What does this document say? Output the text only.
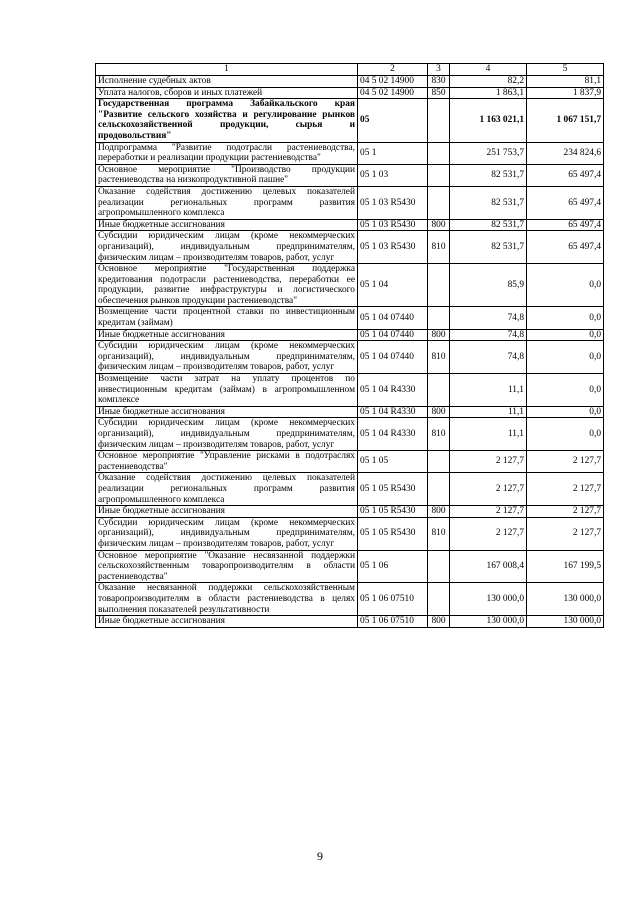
1	2	3	4	5
Исполнение судебных актов	04 5 02 14900	830	82,2	81,1
Уплата налогов, сборов и иных платежей	04 5 02 14900	850	1 863,1	1 837,9
Государственная программа Забайкальского края "Развитие сельского хозяйства и регулирование рынков сельскохозяйственной продукции, сырья и продовольствия"	05		1 163 021,1	1 067 151,7
Подпрограмма "Развитие подотрасли растениеводства, переработки и реализации продукции растениеводства"	05 1		251 753,7	234 824,6
Основное мероприятие "Производство продукции растениеводства на низкопродуктивной пашне"	05 1 03		82 531,7	65 497,4
Оказание содействия достижению целевых показателей реализации региональных программ развития агропромышленного комплекса	05 1 03 R5430		82 531,7	65 497,4
Иные бюджетные ассигнования	05 1 03 R5430	800	82 531,7	65 497,4
Субсидии юридическим лицам (кроме некоммерческих организаций), индивидуальным предпринимателям, физическим лицам – производителям товаров, работ, услуг	05 1 03 R5430	810	82 531,7	65 497,4
Основное мероприятие "Государственная поддержка кредитования подотрасли растениеводства, переработки ее продукции, развитие инфраструктуры и логистического обеспечения рынков продукции растениеводства"	05 1 04		85,9	0,0
Возмещение части процентной ставки по инвестиционным кредитам (займам)	05 1 04 07440		74,8	0,0
Иные бюджетные ассигнования	05 1 04 07440	800	74,8	0,0
Субсидии юридическим лицам (кроме некоммерческих организаций), индивидуальным предпринимателям, физическим лицам – производителям товаров, работ, услуг	05 1 04 07440	810	74,8	0,0
Возмещение части затрат на уплату процентов по инвестиционным кредитам (займам) в агропромышленном комплексе	05 1 04 R4330		11,1	0,0
Иные бюджетные ассигнования	05 1 04 R4330	800	11,1	0,0
Субсидии юридическим лицам (кроме некоммерческих организаций), индивидуальным предпринимателям, физическим лицам – производителям товаров, работ, услуг	05 1 04 R4330	810	11,1	0,0
Основное мероприятие "Управление рисками в подотраслях растениеводства"	05 1 05		2 127,7	2 127,7
Оказание содействия достижению целевых показателей реализации региональных программ развития агропромышленного комплекса	05 1 05 R5430		2 127,7	2 127,7
Иные бюджетные ассигнования	05 1 05 R5430	800	2 127,7	2 127,7
Субсидии юридическим лицам (кроме некоммерческих организаций), индивидуальным предпринимателям, физическим лицам – производителям товаров, работ, услуг	05 1 05 R5430	810	2 127,7	2 127,7
Основное мероприятие "Оказание несвязанной поддержки сельскохозяйственным товаропроизводителям в области растениеводства"	05 1 06		167 008,4	167 199,5
Оказание несвязанной поддержки сельскохозяйственным товаропроизводителям в области растениеводства в целях выполнения показателей результативности	05 1 06 07510		130 000,0	130 000,0
Иные бюджетные ассигнования	05 1 06 07510	800	130 000,0	130 000,0
9
